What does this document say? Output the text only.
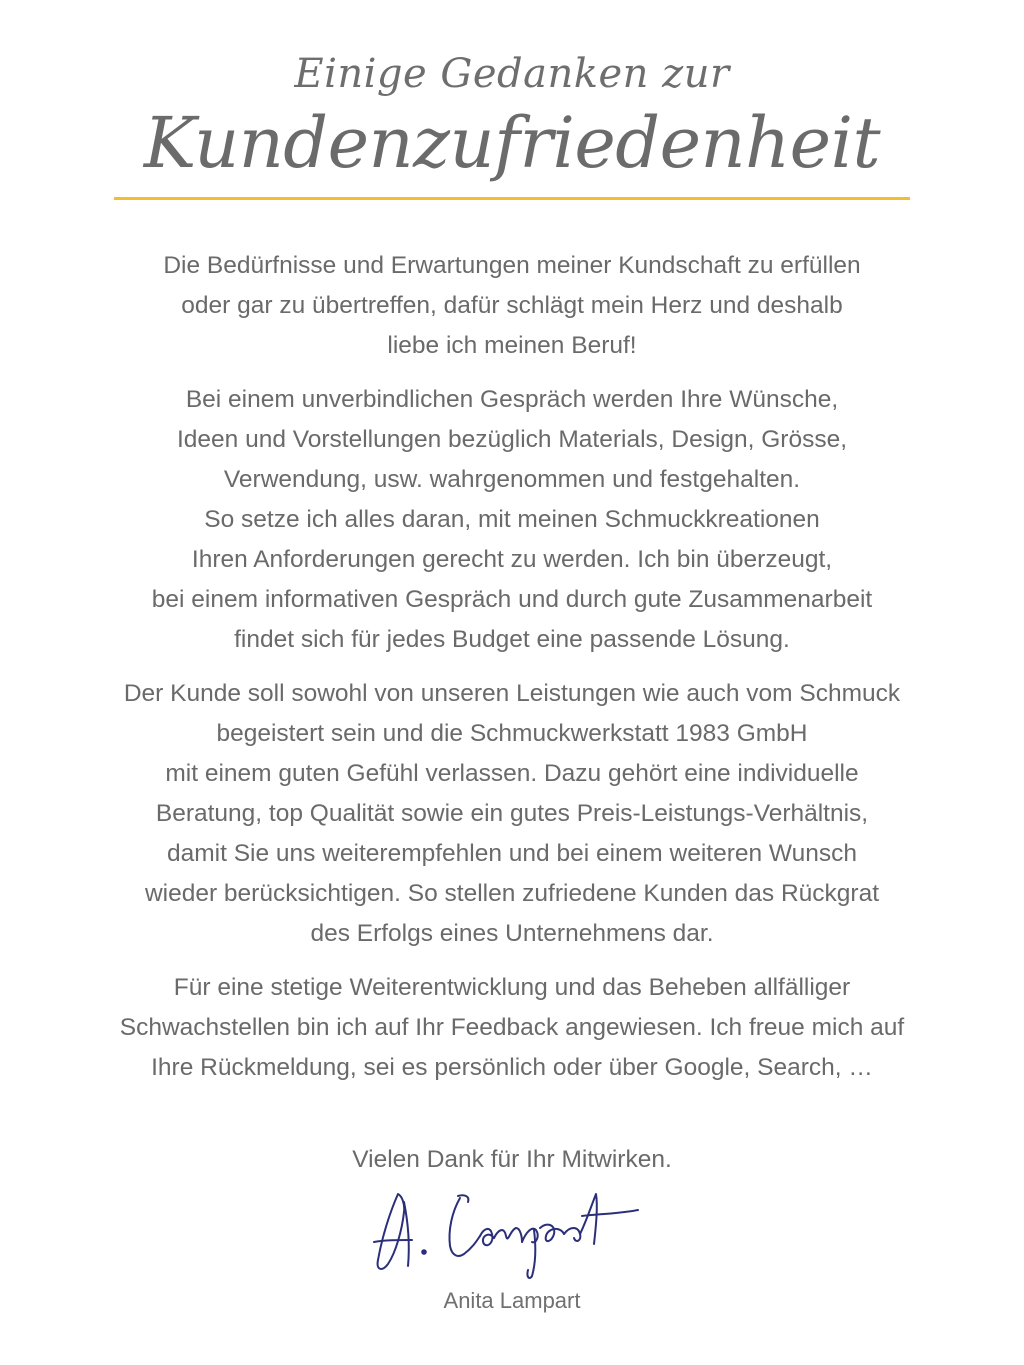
Einige Gedanken zur
Kundenzufriedenheit

Die Bedürfnisse und Erwartungen meiner Kundschaft zu erfüllen
oder gar zu übertreffen, dafür schlägt mein Herz und deshalb
liebe ich meinen Beruf!

Bei einem unverbindlichen Gespräch werden Ihre Wünsche,
Ideen und Vorstellungen bezüglich Materials, Design, Grösse,
Verwendung, usw. wahrgenommen und festgehalten.
So setze ich alles daran, mit meinen Schmuckkreationen
Ihren Anforderungen gerecht zu werden. Ich bin überzeugt,
bei einem informativen Gespräch und durch gute Zusammenarbeit
findet sich für jedes Budget eine passende Lösung.

Der Kunde soll sowohl von unseren Leistungen wie auch vom Schmuck
begeistert sein und die Schmuckwerkstatt 1983 GmbH
mit einem guten Gefühl verlassen. Dazu gehört eine individuelle
Beratung, top Qualität sowie ein gutes Preis-Leistungs-Verhältnis,
damit Sie uns weiterempfehlen und bei einem weiteren Wunsch
wieder berücksichtigen. So stellen zufriedene Kunden das Rückgrat
des Erfolgs eines Unternehmens dar.

Für eine stetige Weiterentwicklung und das Beheben allfälliger
Schwachstellen bin ich auf Ihr Feedback angewiesen. Ich freue mich auf
Ihre Rückmeldung, sei es persönlich oder über Google, Search, …

Vielen Dank für Ihr Mitwirken.
Anita Lampart
